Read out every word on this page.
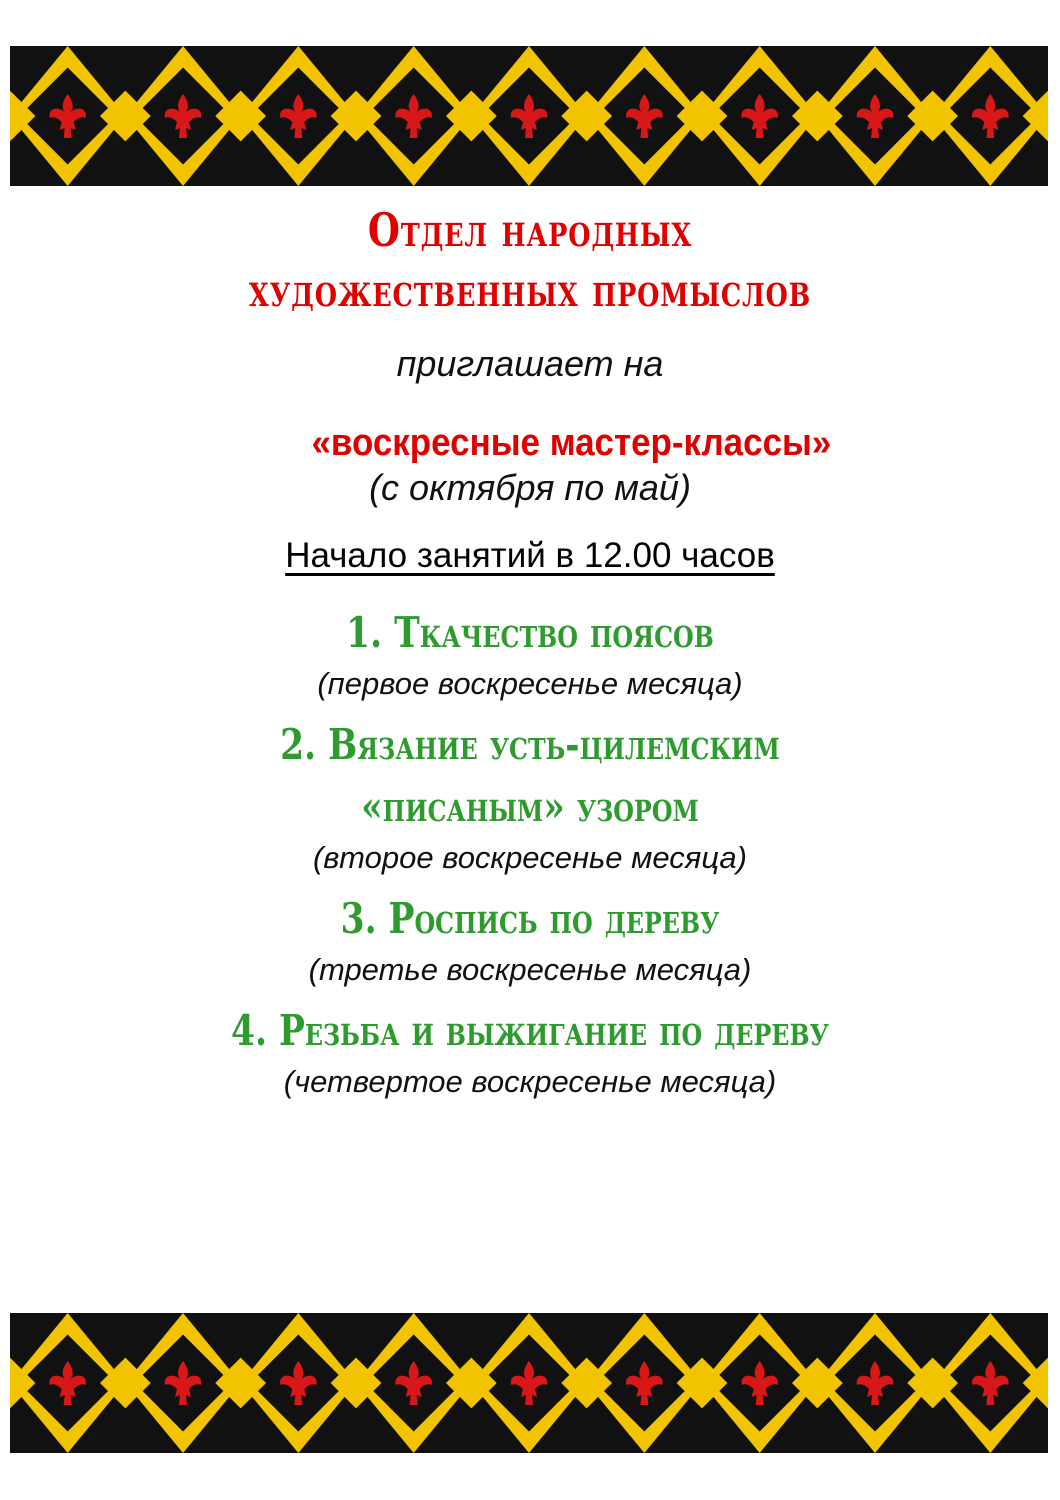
Отдел народных
художественных промыслов
приглашает на
«воскресные мастер-классы»
(с октября по май)
Начало занятий в 12.00 часов
1. Ткачество поясов
(первое воскресенье месяца)
2. Вязание усть-цилемским
«писаным» узором
(второе воскресенье месяца)
3. Роспись по дереву
(третье воскресенье месяца)
4. Резьба и выжигание по дереву
(четвертое воскресенье месяца)
